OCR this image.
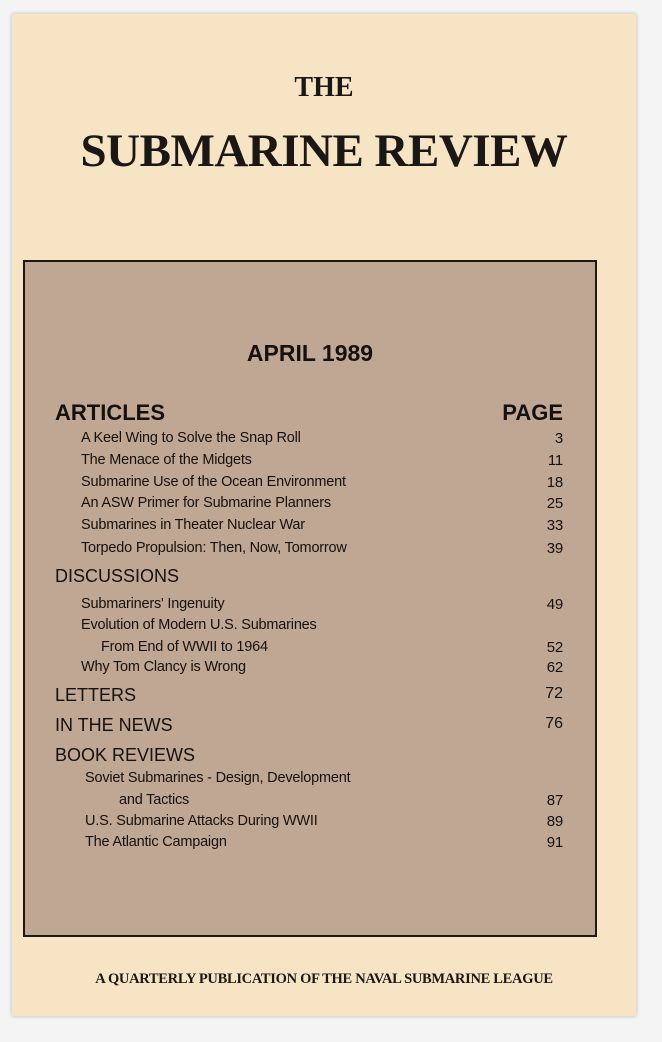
THE
SUBMARINE REVIEW
APRIL 1989
ARTICLES	PAGE
A Keel Wing to Solve the Snap Roll	3
The Menace of the Midgets	11
Submarine Use of the Ocean Environment	18
An ASW Primer for Submarine Planners	25
Submarines in Theater Nuclear War	33
Torpedo Propulsion: Then, Now, Tomorrow	39
DISCUSSIONS
Submariners' Ingenuity	49
Evolution of Modern U.S. Submarines
From End of WWII to 1964	52
Why Tom Clancy is Wrong	62
LETTERS	72
IN THE NEWS	76
BOOK REVIEWS
Soviet Submarines - Design, Development
and Tactics	87
U.S. Submarine Attacks During WWII	89
The Atlantic Campaign	91
A QUARTERLY PUBLICATION OF THE NAVAL SUBMARINE LEAGUE
